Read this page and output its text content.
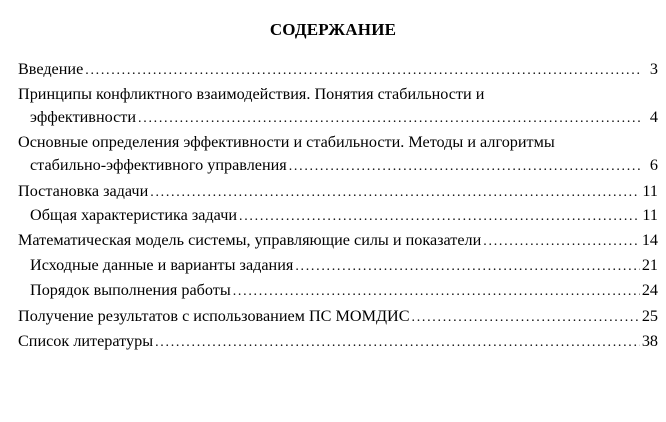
СОДЕРЖАНИЕ
Введение . . .	3
Принципы конфликтного взаимодействия. Понятия стабильности и
эффективности . . .	4
Основные определения эффективности и стабильности. Методы и алгоритмы
стабильно-эффективного управления . . .	6
Постановка задачи . . .	11
Общая характеристика задачи . . .	11
Математическая модель системы, управляющие силы и показатели . . .	14
Исходные данные и варианты задания . . .	21
Порядок выполнения работы . . .	24
Получение результатов с использованием ПС МОМДИС . . .	25
Список литературы . . .	38
